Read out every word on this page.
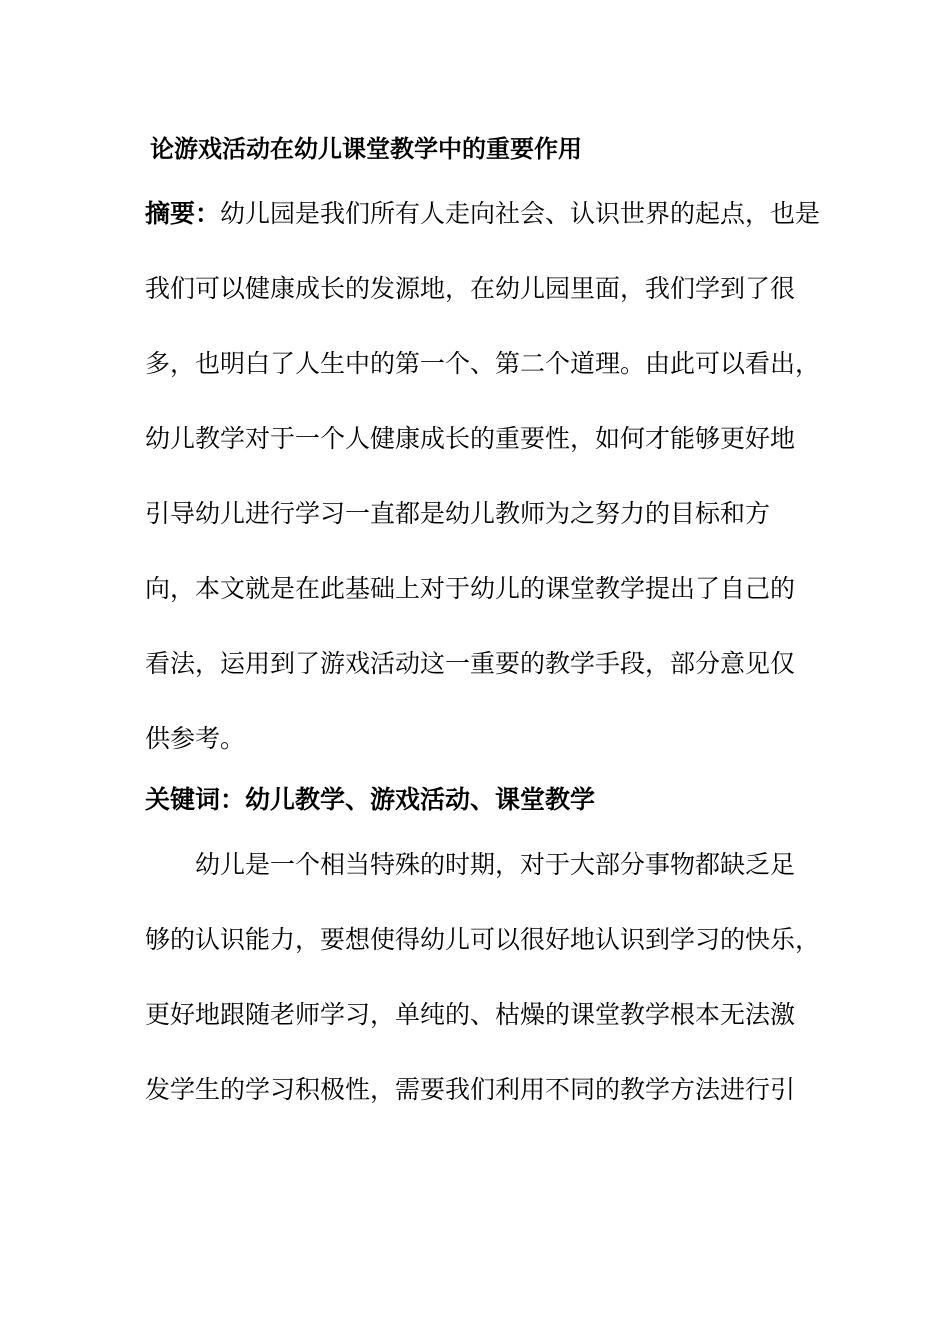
论游戏活动在幼儿课堂教学中的重要作用
摘要：幼儿园是我们所有人走向社会、认识世界的起点，也是
我们可以健康成长的发源地，在幼儿园里面，我们学到了很
多，也明白了人生中的第一个、第二个道理。由此可以看出，
幼儿教学对于一个人健康成长的重要性，如何才能够更好地
引导幼儿进行学习一直都是幼儿教师为之努力的目标和方
向，本文就是在此基础上对于幼儿的课堂教学提出了自己的
看法，运用到了游戏活动这一重要的教学手段，部分意见仅
供参考。
关键词：幼儿教学、游戏活动、课堂教学
　　幼儿是一个相当特殊的时期，对于大部分事物都缺乏足
够的认识能力，要想使得幼儿可以很好地认识到学习的快乐，
更好地跟随老师学习，单纯的、枯燥的课堂教学根本无法激
发学生的学习积极性，需要我们利用不同的教学方法进行引
